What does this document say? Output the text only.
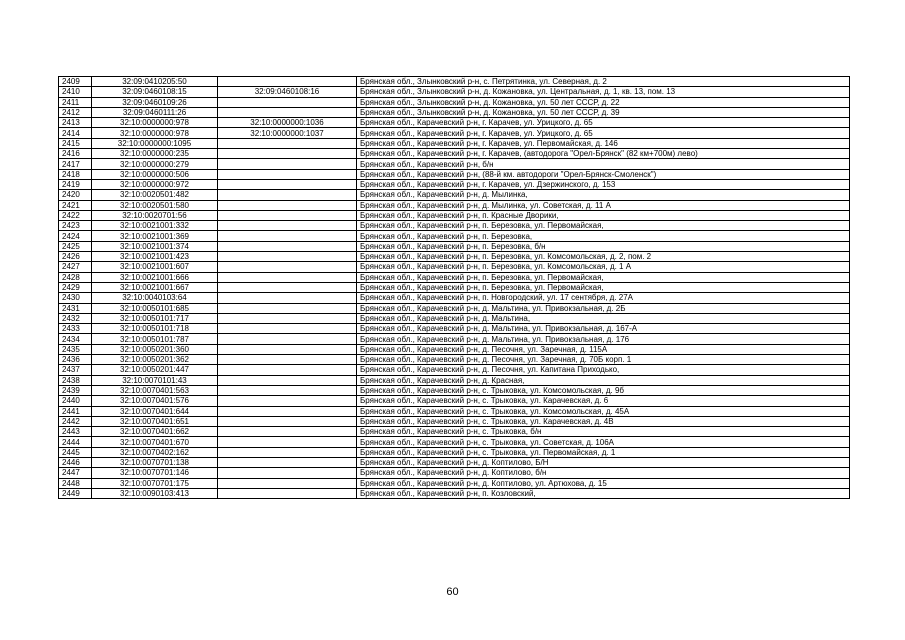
2409	32:09:0410205:50		Брянская обл., Злынковский р-н, с. Петрятинка, ул. Северная, д. 2
2410	32:09:0460108:15	32:09:0460108:16	Брянская обл., Злынковский р-н, д. Кожановка, ул. Центральная, д. 1, кв. 13, пом. 13
2411	32:09:0460109:26		Брянская обл., Злынковский р-н, д. Кожановка, ул. 50 лет СССР, д. 22
2412	32:09:0460111:26		Брянская обл., Злынковский р-н, д. Кожановка, ул. 50 лет СССР, д. 39
2413	32:10:0000000:978	32:10:0000000:1036	Брянская обл., Карачевский р-н, г. Карачев, ул. Урицкого, д. 65
2414	32:10:0000000:978	32:10:0000000:1037	Брянская обл., Карачевский р-н, г. Карачев, ул. Урицкого, д. 65
2415	32:10:0000000:1095		Брянская обл., Карачевский р-н, г. Карачев, ул. Первомайская, д. 146
2416	32:10:0000000:235		Брянская обл., Карачевский р-н, г. Карачев, (автодорога "Орел-Брянск" (82 км+700м) лево)
2417	32:10:0000000:279		Брянская обл., Карачевский р-н, б/н
2418	32:10:0000000:506		Брянская обл., Карачевский р-н, (88-й км. автодороги "Орел-Брянск-Смоленск")
2419	32:10:0000000:972		Брянская обл., Карачевский р-н, г. Карачев, ул. Дзержинского, д. 153
2420	32:10:0020501:482		Брянская обл., Карачевский р-н, д. Мылинка,
2421	32:10:0020501:580		Брянская обл., Карачевский р-н, д. Мылинка, ул. Советская, д. 11 А
2422	32:10:0020701:56		Брянская обл., Карачевский р-н, п. Красные Дворики,
2423	32:10:0021001:332		Брянская обл., Карачевский р-н, п. Березовка, ул. Первомайская,
2424	32:10:0021001:369		Брянская обл., Карачевский р-н, п. Березовка,
2425	32:10:0021001:374		Брянская обл., Карачевский р-н, п. Березовка, б/н
2426	32:10:0021001:423		Брянская обл., Карачевский р-н, п. Березовка, ул. Комсомольская, д. 2, пом. 2
2427	32:10:0021001:607		Брянская обл., Карачевский р-н, п. Березовка, ул. Комсомольская, д. 1 А
2428	32:10:0021001:666		Брянская обл., Карачевский р-н, п. Березовка, ул. Первомайская,
2429	32:10:0021001:667		Брянская обл., Карачевский р-н, п. Березовка, ул. Первомайская,
2430	32:10:0040103:64		Брянская обл., Карачевский р-н, п. Новгородский, ул. 17 сентября, д. 27А
2431	32:10:0050101:685		Брянская обл., Карачевский р-н, д. Мальтина, ул. Привокзальная, д. 2Б
2432	32:10:0050101:717		Брянская обл., Карачевский р-н, д. Мальтина,
2433	32:10:0050101:718		Брянская обл., Карачевский р-н, д. Мальтина, ул. Привокзальная, д. 167-А
2434	32:10:0050101:787		Брянская обл., Карачевский р-н, д. Мальтина, ул. Привокзальная, д. 176
2435	32:10:0050201:360		Брянская обл., Карачевский р-н, д. Песочня, ул. Заречная, д. 115А
2436	32:10:0050201:362		Брянская обл., Карачевский р-н, д. Песочня, ул. Заречная, д. 70Б корп. 1
2437	32:10:0050201:447		Брянская обл., Карачевский р-н, д. Песочня, ул. Капитана Приходько,
2438	32:10:0070101:43		Брянская обл., Карачевский р-н, д. Красная,
2439	32:10:0070401:563		Брянская обл., Карачевский р-н, с. Трыковка, ул. Комсомольская, д. 9б
2440	32:10:0070401:576		Брянская обл., Карачевский р-н, с. Трыковка, ул. Карачевская, д. 6
2441	32:10:0070401:644		Брянская обл., Карачевский р-н, с. Трыковка, ул. Комсомольская, д. 45А
2442	32:10:0070401:651		Брянская обл., Карачевский р-н, с. Трыковка, ул. Карачевская, д. 4В
2443	32:10:0070401:662		Брянская обл., Карачевский р-н, с. Трыковка, б/н
2444	32:10:0070401:670		Брянская обл., Карачевский р-н, с. Трыковка, ул. Советская, д. 106А
2445	32:10:0070402:162		Брянская обл., Карачевский р-н, с. Трыковка, ул. Первомайская, д. 1
2446	32:10:0070701:138		Брянская обл., Карачевский р-н, д. Коптилово, Б/Н
2447	32:10:0070701:146		Брянская обл., Карачевский р-н, д. Коптилово, б/н
2448	32:10:0070701:175		Брянская обл., Карачевский р-н, д. Коптилово, ул. Артюхова, д. 15
2449	32:10:0090103:413		Брянская обл., Карачевский р-н, п. Козловский,
60
